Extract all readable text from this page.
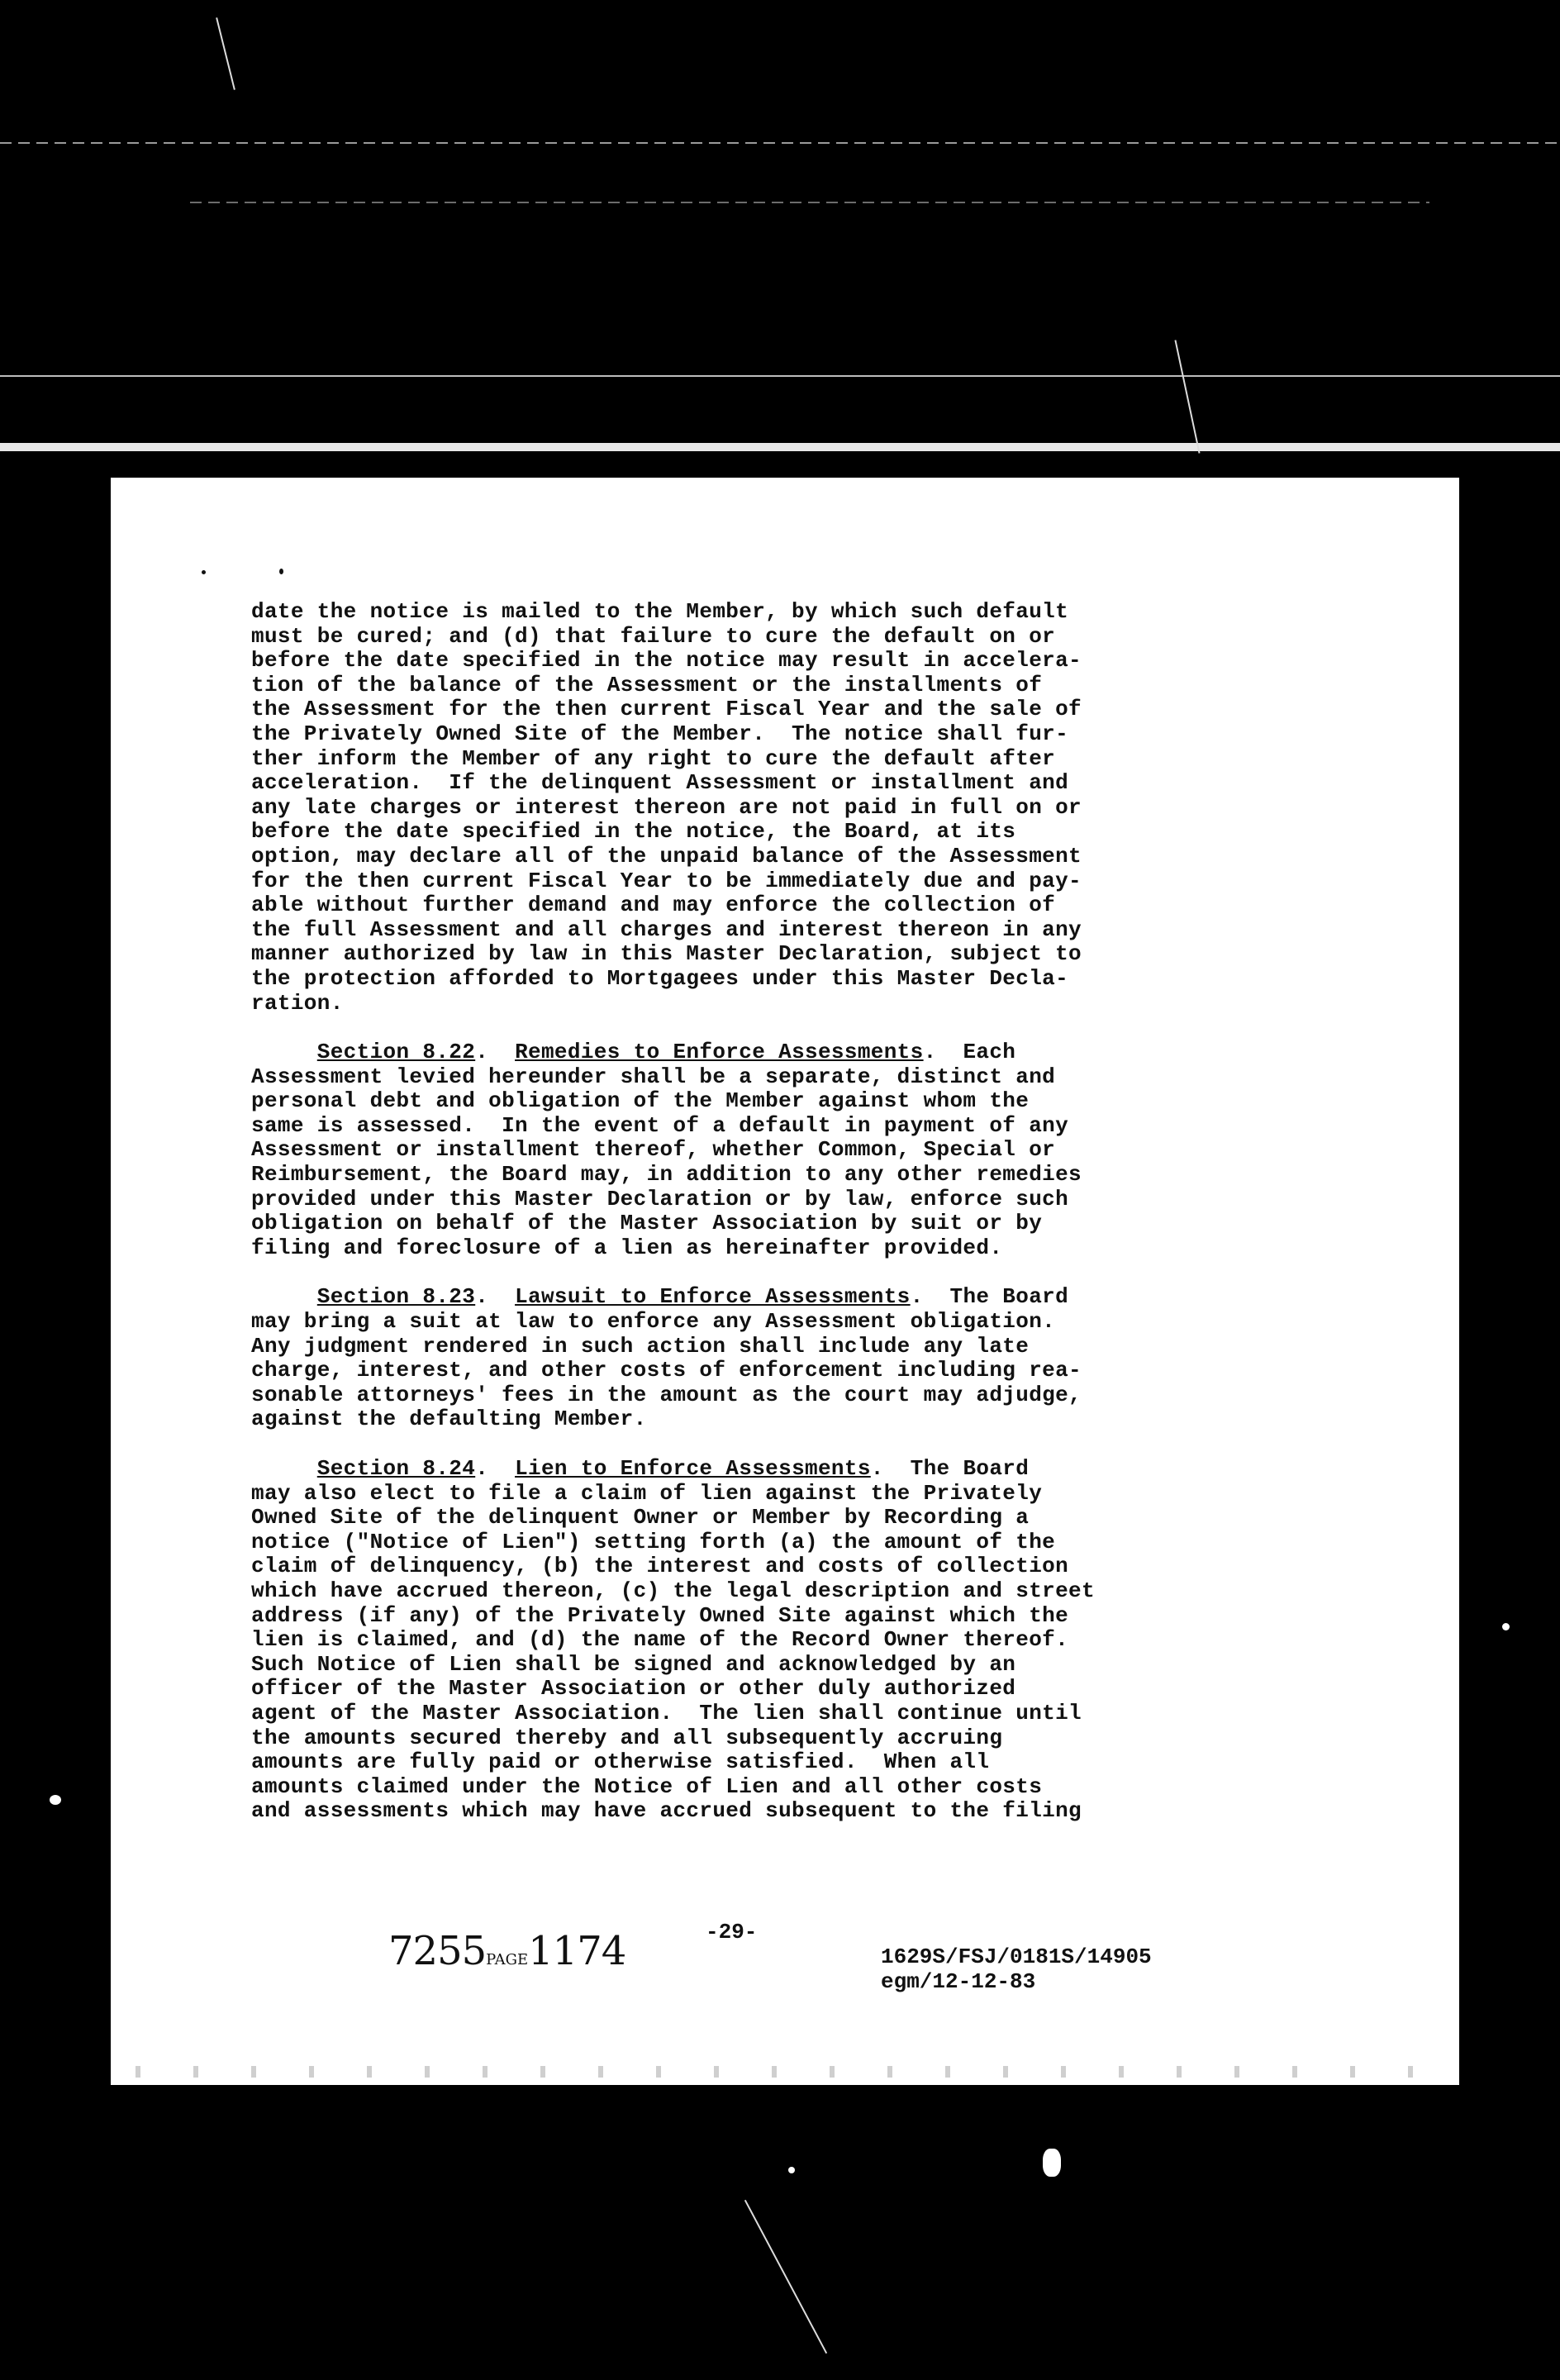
date the notice is mailed to the Member, by which such default

must be cured; and (d) that failure to cure the default on or

before the date specified in the notice may result in accelera-

tion of the balance of the Assessment or the installments of

the Assessment for the then current Fiscal Year and the sale of

the Privately Owned Site of the Member.  The notice shall fur-

ther inform the Member of any right to cure the default after

acceleration.  If the delinquent Assessment or installment and

any late charges or interest thereon are not paid in full on or

before the date specified in the notice, the Board, at its

option, may declare all of the unpaid balance of the Assessment

for the then current Fiscal Year to be immediately due and pay-

able without further demand and may enforce the collection of

the full Assessment and all charges and interest thereon in any

manner authorized by law in this Master Declaration, subject to

the protection afforded to Mortgagees under this Master Decla-

ration.

Section 8.22.  Remedies to Enforce Assessments.  Each

Assessment levied hereunder shall be a separate, distinct and

personal debt and obligation of the Member against whom the

same is assessed.  In the event of a default in payment of any

Assessment or installment thereof, whether Common, Special or

Reimbursement, the Board may, in addition to any other remedies

provided under this Master Declaration or by law, enforce such

obligation on behalf of the Master Association by suit or by

filing and foreclosure of a lien as hereinafter provided.

Section 8.23.  Lawsuit to Enforce Assessments.  The Board

may bring a suit at law to enforce any Assessment obligation.

Any judgment rendered in such action shall include any late

charge, interest, and other costs of enforcement including rea-

sonable attorneys' fees in the amount as the court may adjudge,

against the defaulting Member.

Section 8.24.  Lien to Enforce Assessments.  The Board

may also elect to file a claim of lien against the Privately

Owned Site of the delinquent Owner or Member by Recording a

notice ("Notice of Lien") setting forth (a) the amount of the

claim of delinquency, (b) the interest and costs of collection

which have accrued thereon, (c) the legal description and street

address (if any) of the Privately Owned Site against which the

lien is claimed, and (d) the name of the Record Owner thereof.

Such Notice of Lien shall be signed and acknowledged by an

officer of the Master Association or other duly authorized

agent of the Master Association.  The lien shall continue until

the amounts secured thereby and all subsequently accruing

amounts are fully paid or otherwise satisfied.  When all

amounts claimed under the Notice of Lien and all other costs

and assessments which may have accrued subsequent to the filing

7255PAGE1174	-29-
1629S/FSJ/0181S/14905
egm/12-12-83
